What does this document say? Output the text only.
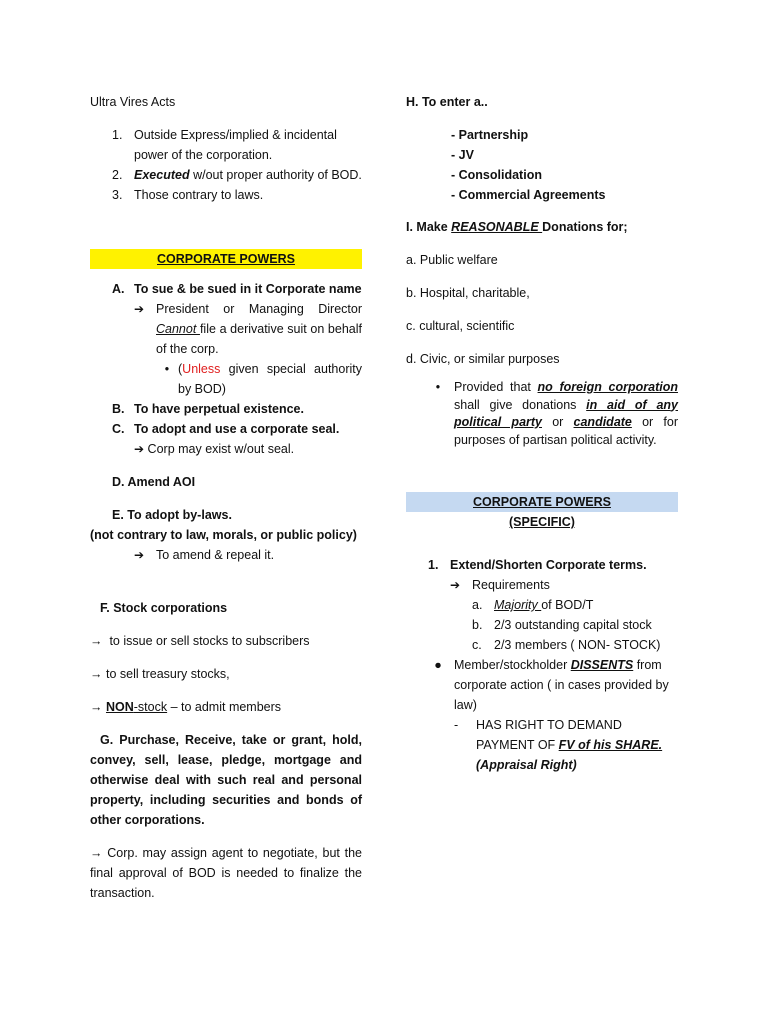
Ultra Vires Acts

1. Outside Express/implied & incidental power of the corporation.
2. Executed w/out proper authority of BOD.
3. Those contrary to laws.
CORPORATE POWERS
A. To sue & be sued in it Corporate name
➔ President or Managing Director Cannot file a derivative suit on behalf of the corp.
• (Unless given special authority by BOD)
B. To have perpetual existence.
C. To adopt and use a corporate seal.
➔ Corp may exist w/out seal.

D. Amend AOI

E. To adopt by-laws.

(not contrary to law, morals, or public policy)

➔ To amend & repeal it.

F. Stock corporations

→  to issue or sell stocks to subscribers

→ to sell treasury stocks,

→ NON-stock – to admit members

G. Purchase, Receive, take or grant, hold, convey, sell, lease, pledge, mortgage and otherwise deal with such real and personal property, including securities and bonds of other corporations.

→ Corp. may assign agent to negotiate, but the final approval of BOD is needed to finalize the transaction.

H. To enter a..

- Partnership

- JV

- Consolidation

- Commercial Agreements

I. Make REASONABLE Donations for;

a. Public welfare

b. Hospital, charitable,

c. cultural, scientific

d. Civic, or similar purposes

•	Provided that no foreign corporation shall give donations in aid of any political party or candidate or for purposes of partisan political activity.
CORPORATE POWERS

(SPECIFIC)

1. Extend/Shorten Corporate terms.
➔ Requirements
a. Majority of BOD/T
b. 2/3 outstanding capital stock
c. 2/3 members ( NON- STOCK)
● Member/stockholder DISSENTS from corporate action ( in cases provided by law)
-	HAS RIGHT TO DEMAND PAYMENT OF FV of his SHARE. (Appraisal Right)
